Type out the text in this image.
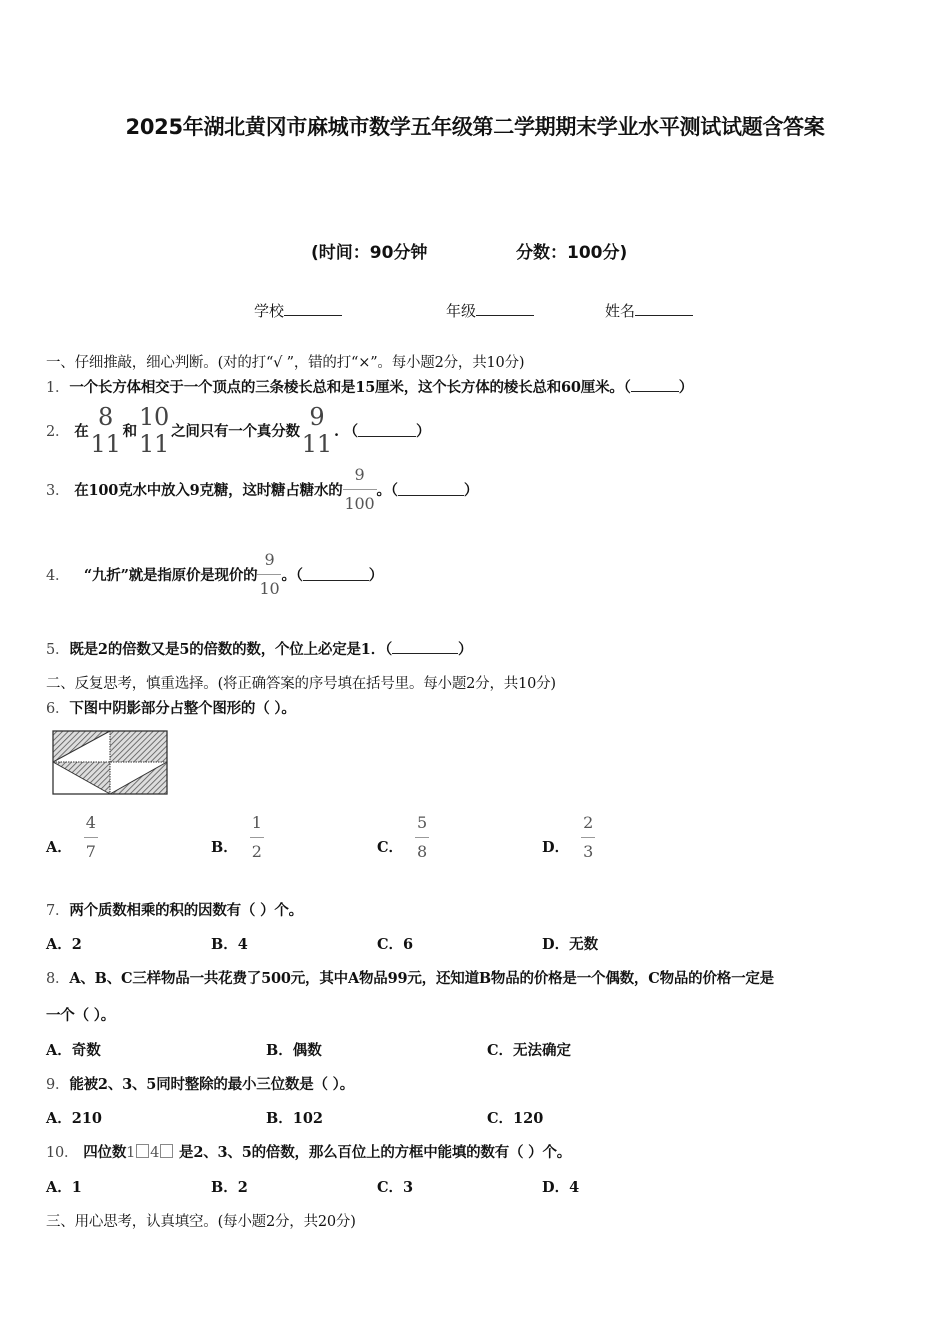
2025年湖北黄冈市麻城市数学五年级第二学期期末学业水平测试试题含答案
(时间：90分钟	分数：100分)
学校	年级	姓名
一、仔细推敲，细心判断。(对的打“√ ”，错的打“×”。每小题2分，共10分)
1．一个长方体相交于一个顶点的三条棱长总和是15厘米，这个长方体的棱长总和60厘米。（	）
2．
在
8
11 和
10
11 之间只有一个真分数
9
11 . （	）
3．
在100克水中放入9克糖，这时糖占糖水的 $\frac{9}{100}$ 。（	）
4．
“九折”就是指原价是现价的 $\frac{9}{10}$ 。（	）
5．既是2的倍数又是5的倍数的数，个位上必定是1．（	）
二、反复思考，慎重选择。(将正确答案的序号填在括号里。每小题2分，共10分)
6．下图中阴影部分占整个图形的（ ）。
A． $\frac{4}{7}$	B． $\frac{1}{2}$	C． $\frac{5}{8}$	D． $\frac{2}{3}$
7．两个质数相乘的积的因数有（ ）个。
A．2	B．4	C．6	D．无数
8．A、B、C三样物品一共花费了500元，其中A物品99元，还知道B物品的价格是一个偶数，C物品的价格一定是
一个（ ）。
A．奇数	B．偶数	C．无法确定
9．能被2、3、5同时整除的最小三位数是（ ）。
A．210	B．102	C．120
10． 四位数1 4 是2、3、5的倍数，那么百位上的方框中能填的数有（ ）个。
A．1	B．2	C．3	D．4
三、用心思考，认真填空。(每小题2分，共20分)
